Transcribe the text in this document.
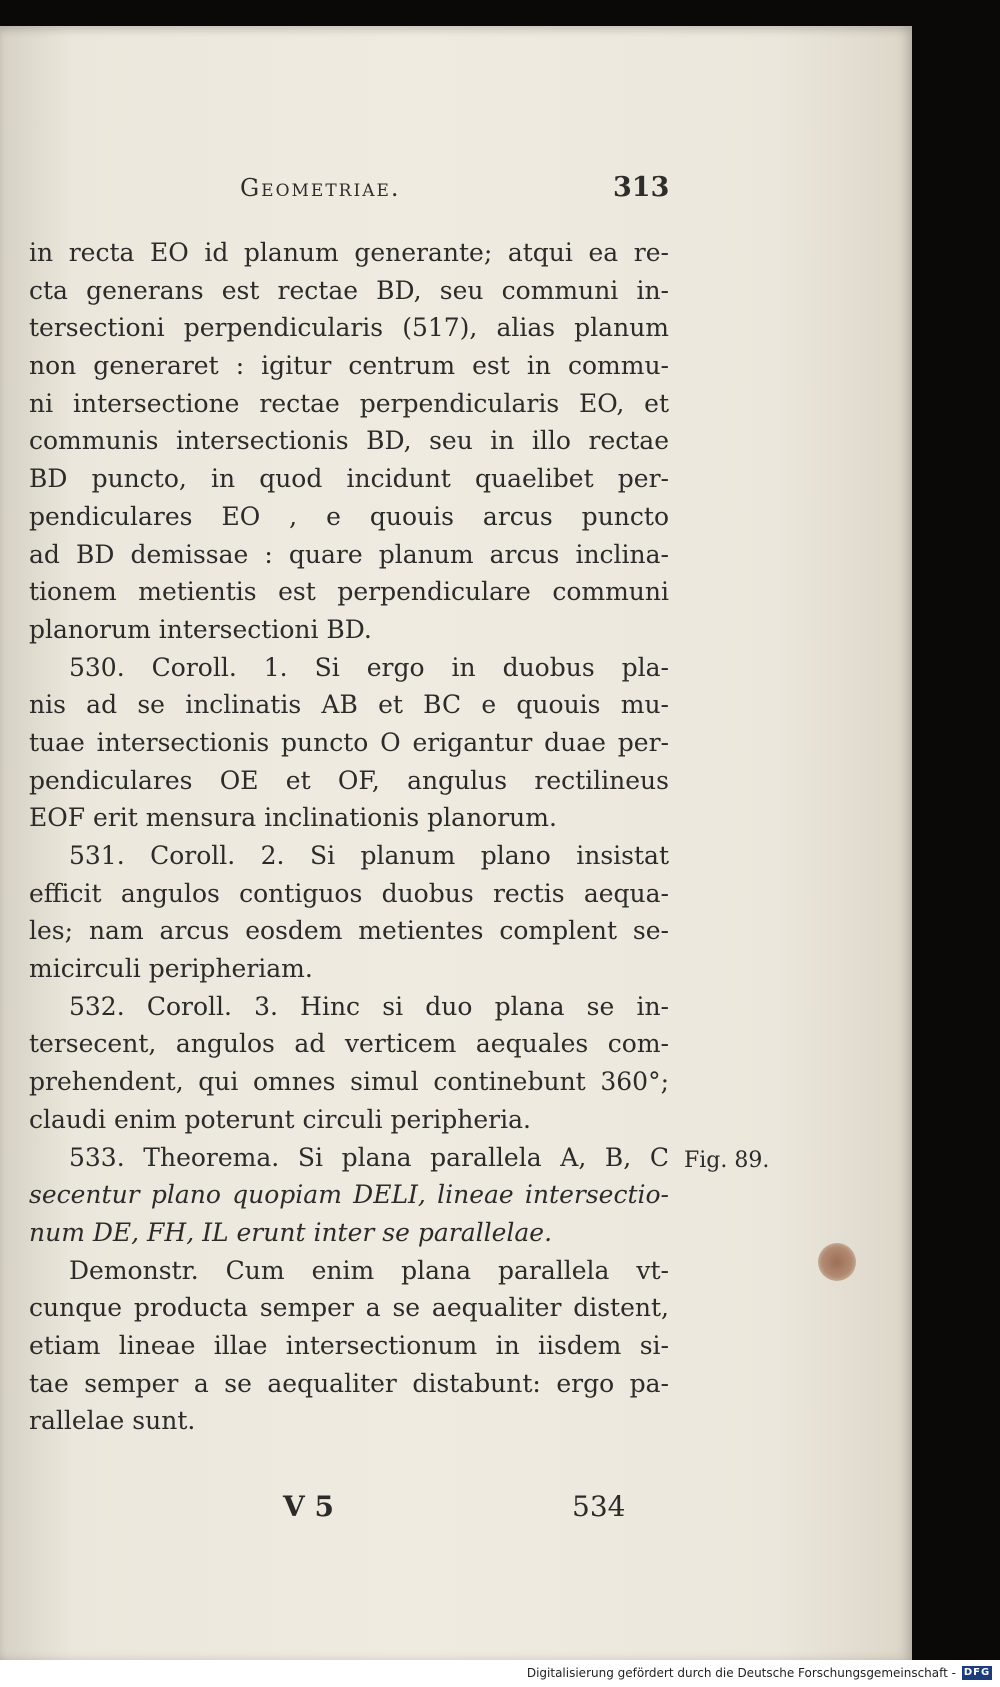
Geometriae.	313
in recta EO id planum generante; atqui ea re-
cta generans est rectae BD, seu communi in-
tersectioni perpendicularis (517), alias planum
non generaret : igitur centrum est in commu-
ni intersectione rectae perpendicularis EO, et
communis intersectionis BD, seu in illo rectae
BD puncto, in quod incidunt quaelibet per-
pendiculares EO , e quouis arcus puncto
ad BD demissae : quare planum arcus inclina-
tionem metientis est perpendiculare communi
planorum intersectioni BD.
530. Coroll. 1. Si ergo in duobus pla-
nis ad se inclinatis AB et BC e quouis mu-
tuae intersectionis puncto O erigantur duae per-
pendiculares OE et OF, angulus rectilineus
EOF erit mensura inclinationis planorum.
531. Coroll. 2. Si planum plano insistat
efficit angulos contiguos duobus rectis aequa-
les; nam arcus eosdem metientes complent se-
micirculi peripheriam.
532. Coroll. 3. Hinc si duo plana se in-
tersecent, angulos ad verticem aequales com-
prehendent, qui omnes simul continebunt 360°;
claudi enim poterunt circuli peripheria.
533. Theorema. Si plana parallela A, B, C
secentur plano quopiam DELI, lineae intersectio-
num DE, FH, IL erunt inter se parallelae.
Demonstr. Cum enim plana parallela vt-
cunque producta semper a se aequaliter distent,
etiam lineae illae intersectionum in iisdem si-
tae semper a se aequaliter distabunt: ergo pa-
rallelae sunt.
Fig. 89.
V 5	534
Digitalisierung gefördert durch die Deutsche Forschungsgemeinschaft - DFG
